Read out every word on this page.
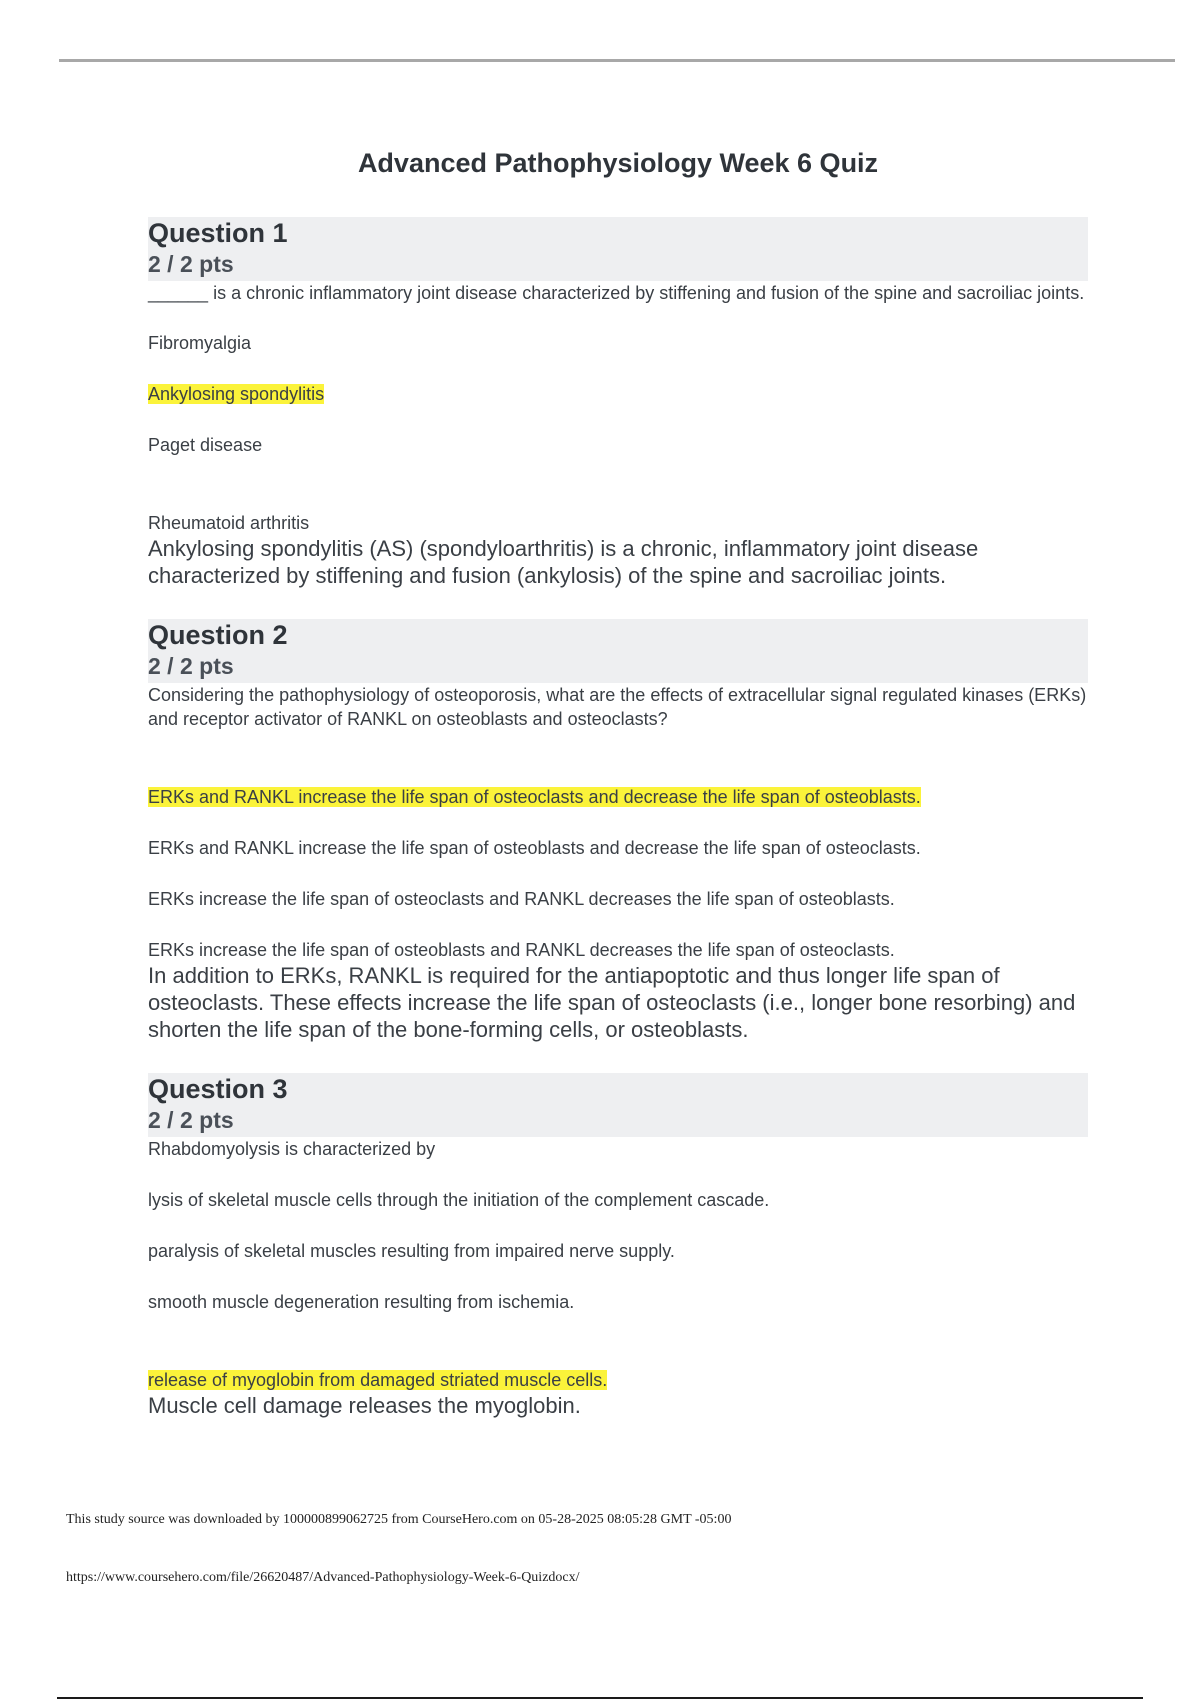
Advanced Pathophysiology Week 6 Quiz
Question 1
2 / 2 pts

______ is a chronic inflammatory joint disease characterized by stiffening and fusion of the spine and sacroiliac joints.

Fibromyalgia

Ankylosing spondylitis

Paget disease

Rheumatoid arthritis

Ankylosing spondylitis (AS) (spondyloarthritis) is a chronic, inflammatory joint disease characterized by stiffening and fusion (ankylosis) of the spine and sacroiliac joints.

Question 2
2 / 2 pts

Considering the pathophysiology of osteoporosis, what are the effects of extracellular signal regulated kinases (ERKs) and receptor activator of RANKL on osteoblasts and osteoclasts?

ERKs and RANKL increase the life span of osteoclasts and decrease the life span of osteoblasts.

ERKs and RANKL increase the life span of osteoblasts and decrease the life span of osteoclasts.

ERKs increase the life span of osteoclasts and RANKL decreases the life span of osteoblasts.

ERKs increase the life span of osteoblasts and RANKL decreases the life span of osteoclasts.

In addition to ERKs, RANKL is required for the antiapoptotic and thus longer life span of osteoclasts. These effects increase the life span of osteoclasts (i.e., longer bone resorbing) and shorten the life span of the bone-forming cells, or osteoblasts.

Question 3
2 / 2 pts

Rhabdomyolysis is characterized by

lysis of skeletal muscle cells through the initiation of the complement cascade.

paralysis of skeletal muscles resulting from impaired nerve supply.

smooth muscle degeneration resulting from ischemia.

release of myoglobin from damaged striated muscle cells.

Muscle cell damage releases the myoglobin.

This study source was downloaded by 100000899062725 from CourseHero.com on 05-28-2025 08:05:28 GMT -05:00
https://www.coursehero.com/file/26620487/Advanced-Pathophysiology-Week-6-Quizdocx/
